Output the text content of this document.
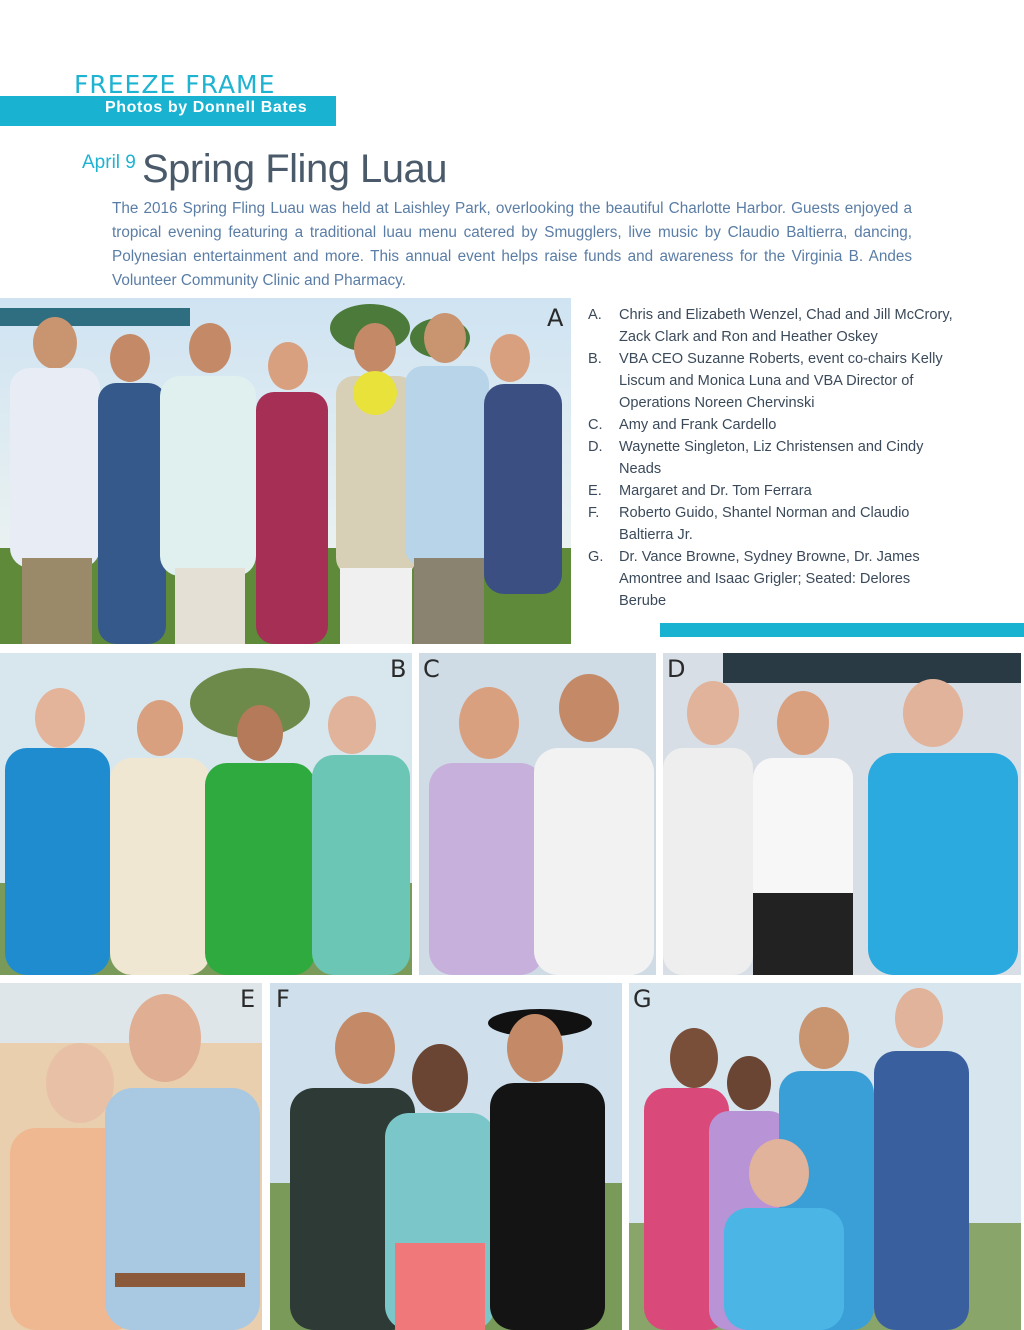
FREEZE FRAME
Photos by Donnell Bates
April 9 Spring Fling Luau

The 2016 Spring Fling Luau was held at Laishley Park, overlooking the beautiful Charlotte Harbor. Guests enjoyed a tropical evening featuring a traditional luau menu catered by Smugglers, live music by Claudio Baltierra, dancing, Polynesian entertainment and more. This annual event helps raise funds and awareness for the Virginia B. Andes Volunteer Community Clinic and Pharmacy.

A A.	Chris and Elizabeth Wenzel, Chad and Jill McCrory, Zack Clark and Ron and Heather Oskey
B.	VBA CEO Suzanne Roberts, event co-chairs Kelly Liscum and Monica Luna and VBA Director of Operations Noreen Chervinski
C.	Amy and Frank Cardello
D.	Waynette Singleton, Liz Christensen and Cindy Neads
E.	Margaret and Dr. Tom Ferrara
F.	Roberto Guido, Shantel Norman and Claudio Baltierra Jr.
G.	Dr. Vance Browne, Sydney Browne, Dr. James Amontree and Isaac Grigler; Seated: Delores Berube
B C	D
E F	G
